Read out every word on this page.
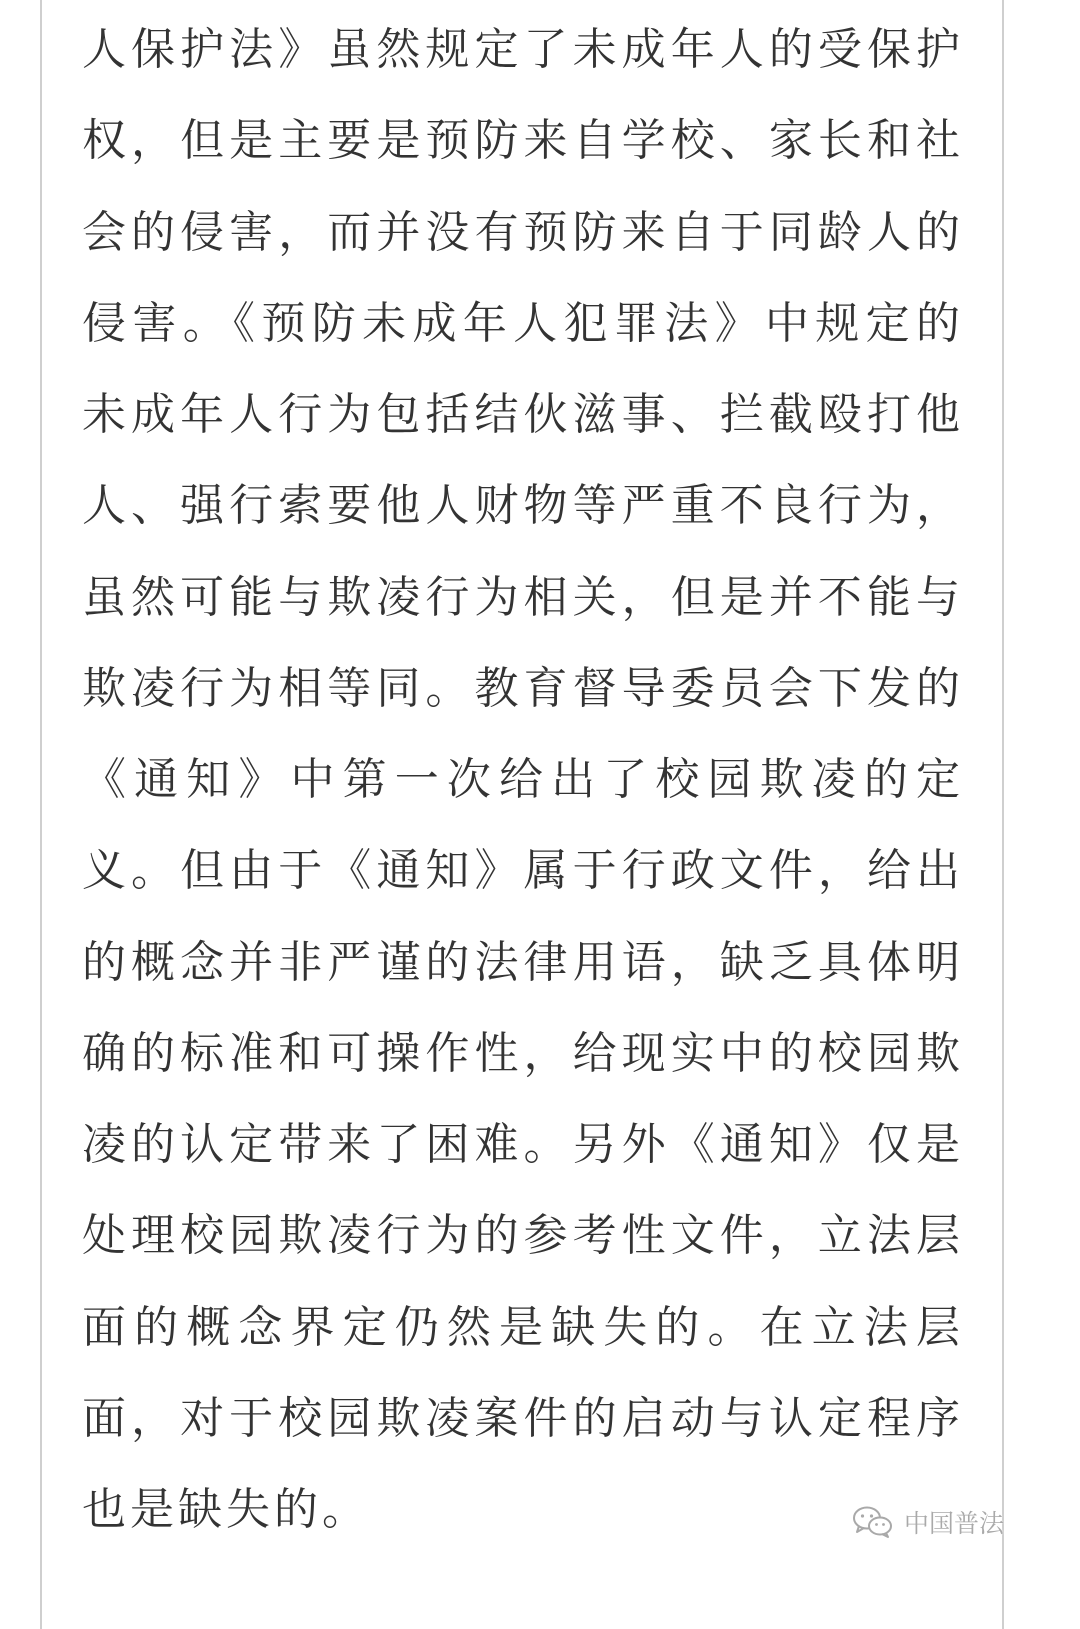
人保护法》虽然规定了未成年人的受保护
权，但是主要是预防来自学校、家长和社
会的侵害，而并没有预防来自于同龄人的
侵害。《预防未成年人犯罪法》中规定的
未成年人行为包括结伙滋事、拦截殴打他
人、强行索要他人财物等严重不良行为，
虽然可能与欺凌行为相关，但是并不能与
欺凌行为相等同。教育督导委员会下发的
《通知》中第一次给出了校园欺凌的定
义。但由于《通知》属于行政文件，给出
的概念并非严谨的法律用语，缺乏具体明
确的标准和可操作性，给现实中的校园欺
凌的认定带来了困难。另外《通知》仅是
处理校园欺凌行为的参考性文件，立法层
面的概念界定仍然是缺失的。在立法层
面，对于校园欺凌案件的启动与认定程序
也是缺失的。	中国普法
